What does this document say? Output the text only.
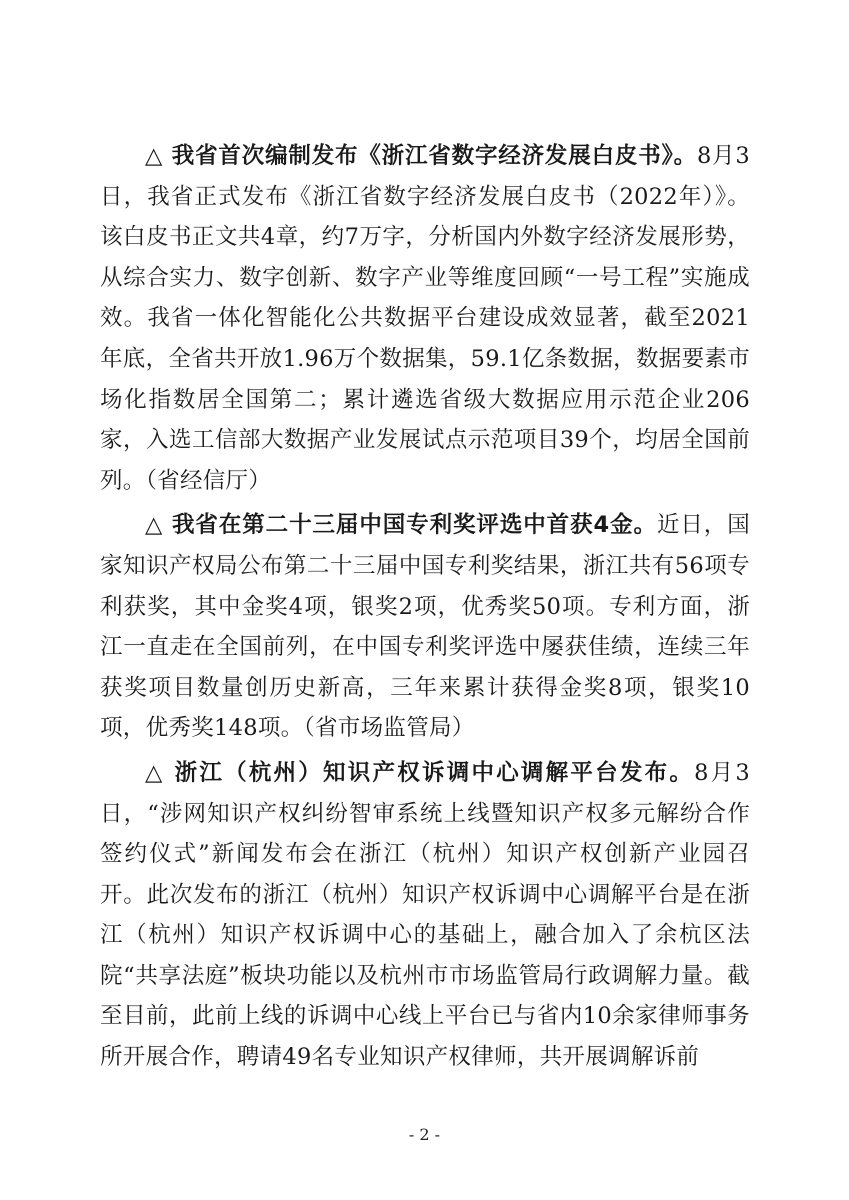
△ 我省首次编制发布《浙江省数字经济发展白皮书》。8月3日，我省正式发布《浙江省数字经济发展白皮书（2022年）》。该白皮书正文共4章，约7万字，分析国内外数字经济发展形势，从综合实力、数字创新、数字产业等维度回顾“一号工程”实施成效。我省一体化智能化公共数据平台建设成效显著，截至2021年底，全省共开放1.96万个数据集，59.1亿条数据，数据要素市场化指数居全国第二；累计遴选省级大数据应用示范企业206家，入选工信部大数据产业发展试点示范项目39个，均居全国前列。（省经信厅）

△ 我省在第二十三届中国专利奖评选中首获4金。近日，国家知识产权局公布第二十三届中国专利奖结果，浙江共有56项专利获奖，其中金奖4项，银奖2项，优秀奖50项。专利方面，浙江一直走在全国前列，在中国专利奖评选中屡获佳绩，连续三年获奖项目数量创历史新高，三年来累计获得金奖8项，银奖10项，优秀奖148项。（省市场监管局）

△ 浙江（杭州）知识产权诉调中心调解平台发布。8月3日，“涉网知识产权纠纷智审系统上线暨知识产权多元解纷合作签约仪式”新闻发布会在浙江（杭州）知识产权创新产业园召开。此次发布的浙江（杭州）知识产权诉调中心调解平台是在浙江（杭州）知识产权诉调中心的基础上，融合加入了余杭区法院“共享法庭”板块功能以及杭州市市场监管局行政调解力量。截至目前，此前上线的诉调中心线上平台已与省内10余家律师事务所开展合作，聘请49名专业知识产权律师，共开展调解诉前

- 2 -
